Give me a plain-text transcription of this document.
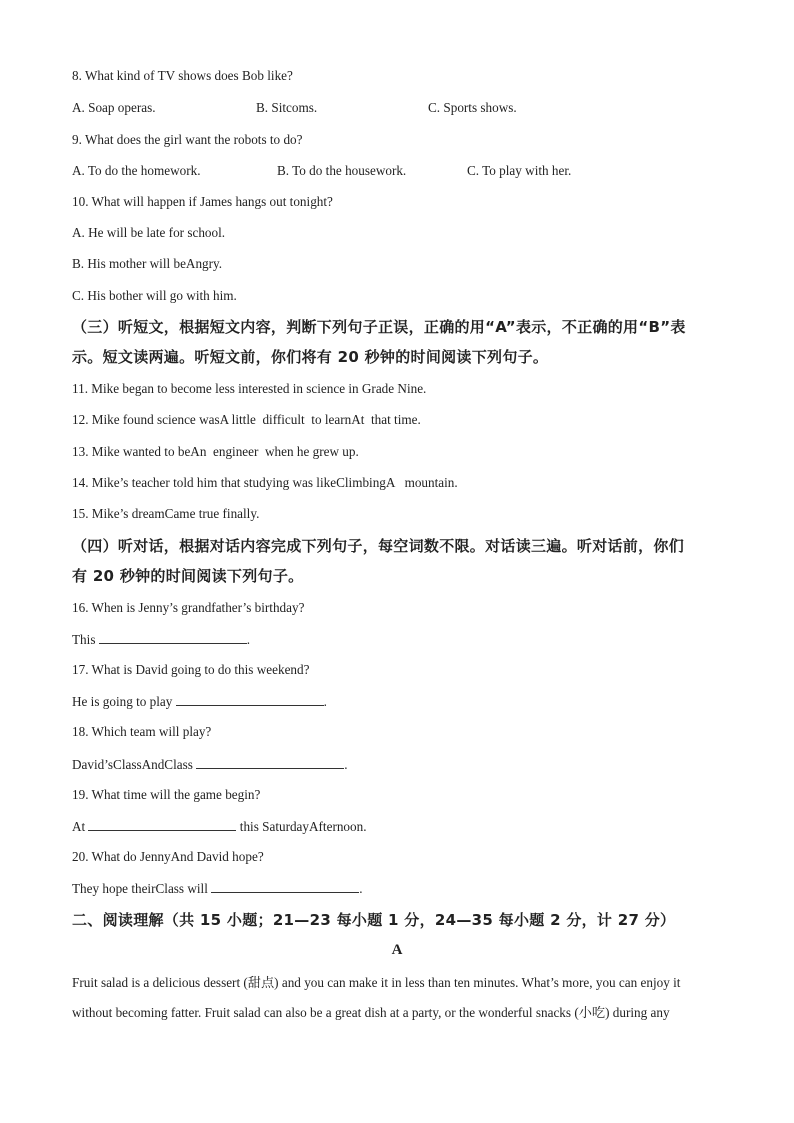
8. What kind of TV shows does Bob like?
A. Soap operas.	B. Sitcoms.	C. Sports shows.
9. What does the girl want the robots to do?
A. To do the homework.	B. To do the housework.	C. To play with her.
10. What will happen if James hangs out tonight?
A. He will be late for school.
B. His mother will beAngry.
C. His bother will go with him.
（三）听短文，根据短文内容，判断下列句子正误，正确的用“A”表示，不正确的用“B”表
示。短文读两遍。听短文前，你们将有 20 秒钟的时间阅读下列句子。
11. Mike began to become less interested in science in Grade Nine.
12. Mike found science wasA little  difficult  to learnAt  that time.
13. Mike wanted to beAn  engineer  when he grew up.
14. Mike’s teacher told him that studying was likeClimbingA   mountain.
15. Mike’s dreamCame true finally.
（四）听对话，根据对话内容完成下列句子，每空词数不限。对话读三遍。听对话前，你们
有 20 秒钟的时间阅读下列句子。
16. When is Jenny’s grandfather’s birthday?
This	.
17. What is David going to do this weekend?
He is going to play	.
18. Which team will play?
David’sClassAndClass	.
19. What time will the game begin?
At	this SaturdayAfternoon.
20. What do JennyAnd David hope?
They hope theirClass will	.
二、阅读理解（共 15 小题；21—23 每小题 1 分，24—35 每小题 2 分，计 27 分）
A
Fruit salad is a delicious dessert (甜点) and you can make it in less than ten minutes. What’s more, you can enjoy it
without becoming fatter. Fruit salad can also be a great dish at a party, or the wonderful snacks (小吃) during any
